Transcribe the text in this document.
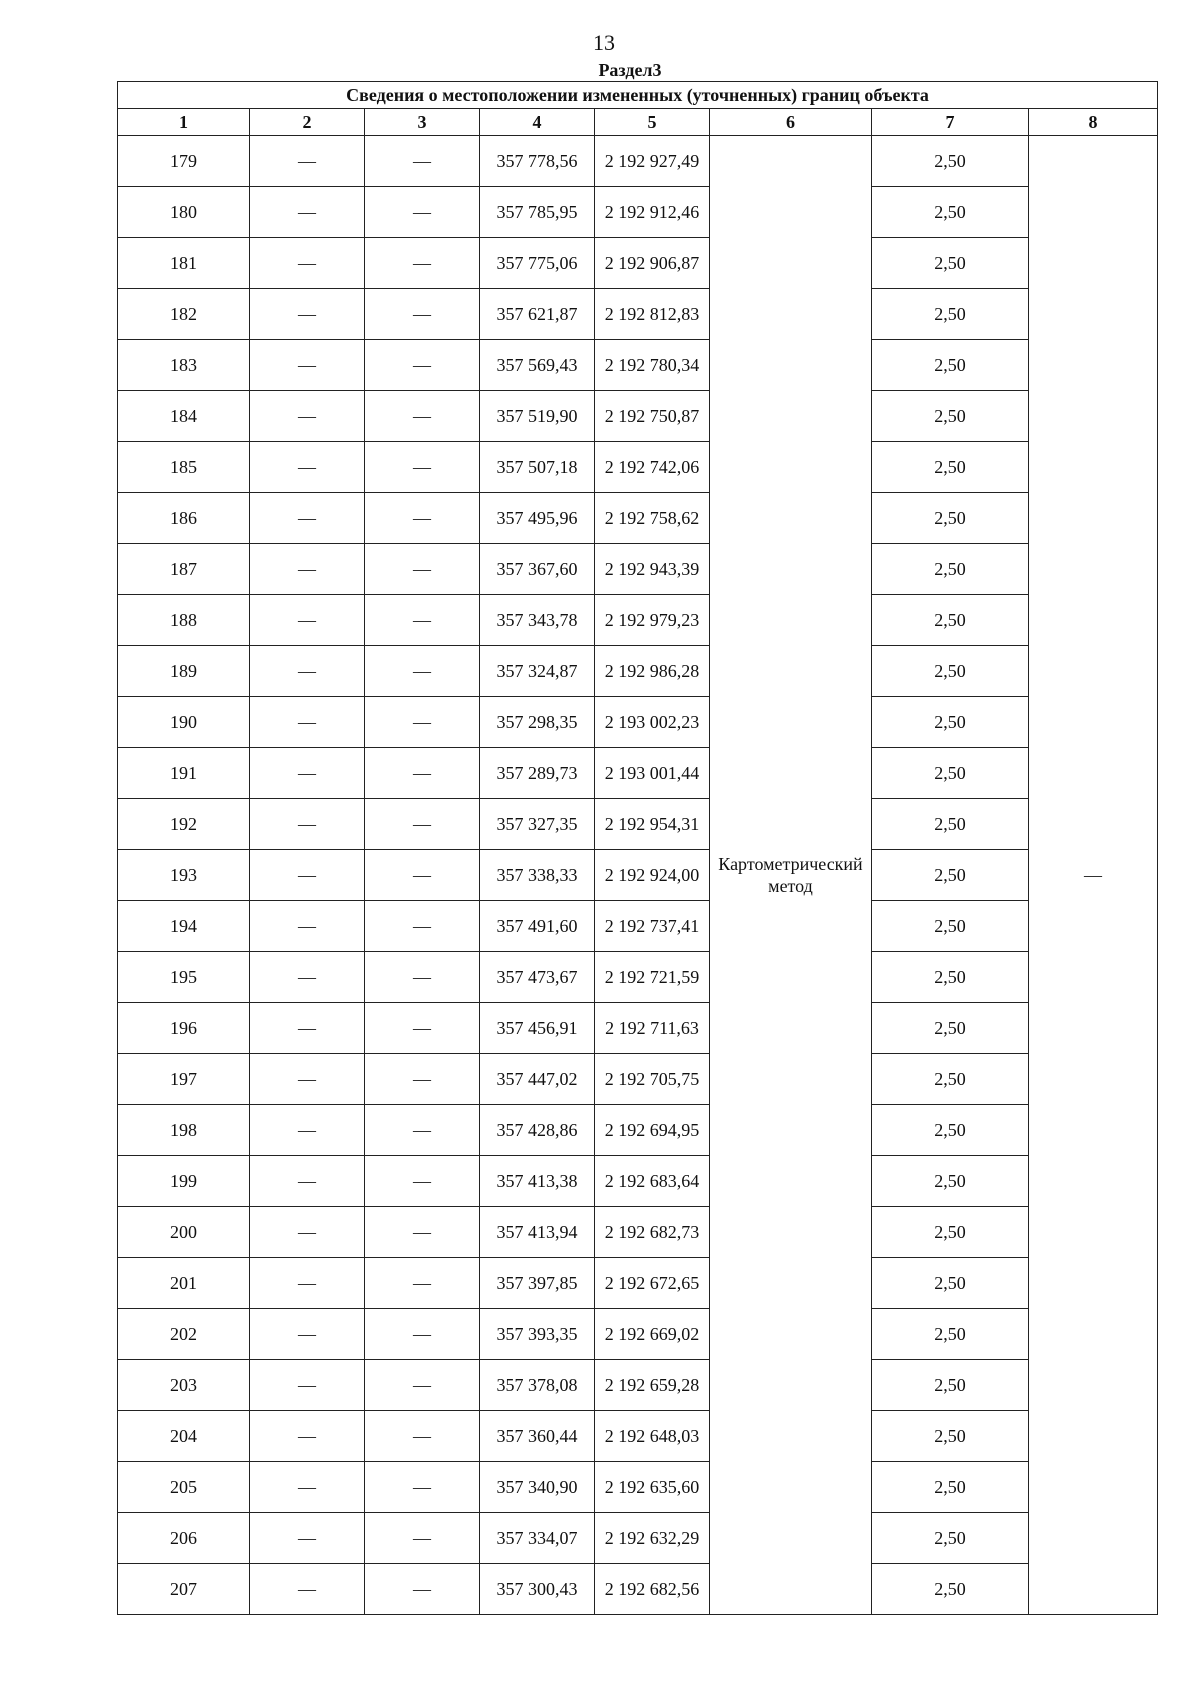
13
Раздел3
Сведения о местоположении измененных (уточненных) границ объекта							
1	2	3	4	5	6	7	8
179	—	—	357 778,56	2 192 927,49	Картометрический метод	2,50	—
180	—	—	357 785,95	2 192 912,46		2,50	
181	—	—	357 775,06	2 192 906,87		2,50	
182	—	—	357 621,87	2 192 812,83		2,50	
183	—	—	357 569,43	2 192 780,34		2,50	
184	—	—	357 519,90	2 192 750,87		2,50	
185	—	—	357 507,18	2 192 742,06		2,50	
186	—	—	357 495,96	2 192 758,62		2,50	
187	—	—	357 367,60	2 192 943,39		2,50	
188	—	—	357 343,78	2 192 979,23		2,50	
189	—	—	357 324,87	2 192 986,28		2,50	
190	—	—	357 298,35	2 193 002,23		2,50	
191	—	—	357 289,73	2 193 001,44		2,50	
192	—	—	357 327,35	2 192 954,31		2,50	
193	—	—	357 338,33	2 192 924,00		2,50	
194	—	—	357 491,60	2 192 737,41		2,50	
195	—	—	357 473,67	2 192 721,59		2,50	
196	—	—	357 456,91	2 192 711,63		2,50	
197	—	—	357 447,02	2 192 705,75		2,50	
198	—	—	357 428,86	2 192 694,95		2,50	
199	—	—	357 413,38	2 192 683,64		2,50	
200	—	—	357 413,94	2 192 682,73		2,50	
201	—	—	357 397,85	2 192 672,65		2,50	
202	—	—	357 393,35	2 192 669,02		2,50	
203	—	—	357 378,08	2 192 659,28		2,50	
204	—	—	357 360,44	2 192 648,03		2,50	
205	—	—	357 340,90	2 192 635,60		2,50	
206	—	—	357 334,07	2 192 632,29		2,50	
207	—	—	357 300,43	2 192 682,56		2,50	
